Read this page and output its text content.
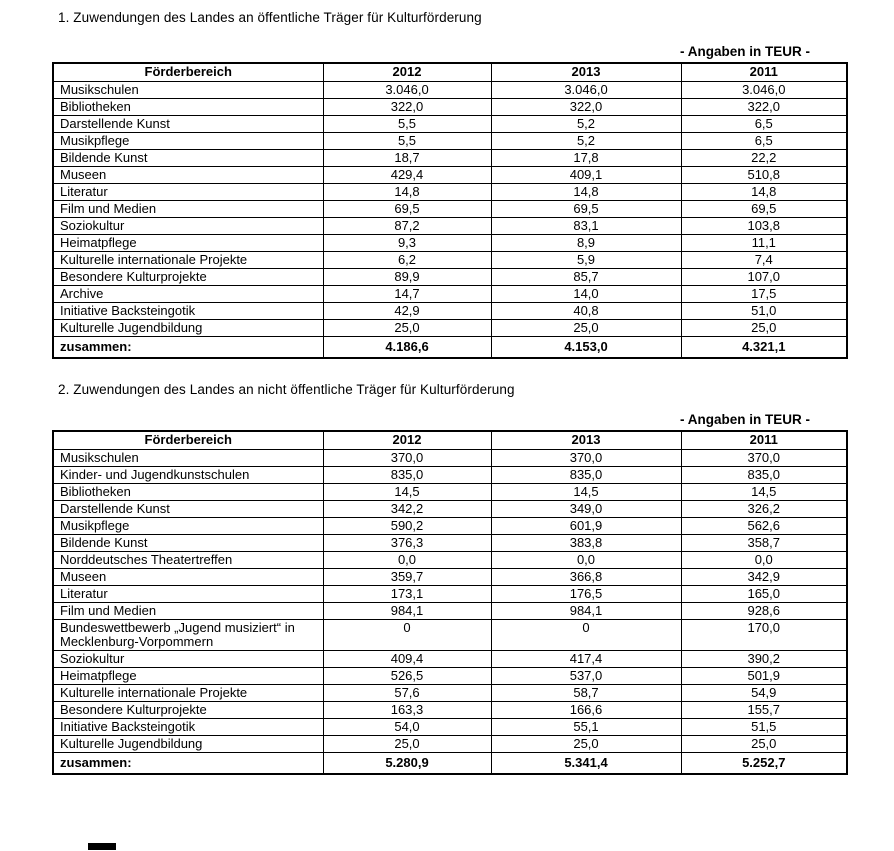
1. Zuwendungen des Landes an öffentliche Träger für Kulturförderung
- Angaben in TEUR -
Förderbereich	2012	2013	2011
Musikschulen	3.046,0	3.046,0	3.046,0
Bibliotheken	322,0	322,0	322,0
Darstellende Kunst	5,5	5,2	6,5
Musikpflege	5,5	5,2	6,5
Bildende Kunst	18,7	17,8	22,2
Museen	429,4	409,1	510,8
Literatur	14,8	14,8	14,8
Film und Medien	69,5	69,5	69,5
Soziokultur	87,2	83,1	103,8
Heimatpflege	9,3	8,9	11,1
Kulturelle internationale Projekte	6,2	5,9	7,4
Besondere Kulturprojekte	89,9	85,7	107,0
Archive	14,7	14,0	17,5
Initiative Backsteingotik	42,9	40,8	51,0
Kulturelle Jugendbildung	25,0	25,0	25,0
zusammen:	4.186,6	4.153,0	4.321,1
2. Zuwendungen des Landes an nicht öffentliche Träger für Kulturförderung
- Angaben in TEUR -
Förderbereich	2012	2013	2011
Musikschulen	370,0	370,0	370,0
Kinder- und Jugendkunstschulen	835,0	835,0	835,0
Bibliotheken	14,5	14,5	14,5
Darstellende Kunst	342,2	349,0	326,2
Musikpflege	590,2	601,9	562,6
Bildende Kunst	376,3	383,8	358,7
Norddeutsches Theatertreffen	0,0	0,0	0,0
Museen	359,7	366,8	342,9
Literatur	173,1	176,5	165,0
Film und Medien	984,1	984,1	928,6
Bundeswettbewerb „Jugend musiziert“ in Mecklenburg-Vorpommern	0	0	170,0
Soziokultur	409,4	417,4	390,2
Heimatpflege	526,5	537,0	501,9
Kulturelle internationale Projekte	57,6	58,7	54,9
Besondere Kulturprojekte	163,3	166,6	155,7
Initiative Backsteingotik	54,0	55,1	51,5
Kulturelle Jugendbildung	25,0	25,0	25,0
zusammen:	5.280,9	5.341,4	5.252,7
